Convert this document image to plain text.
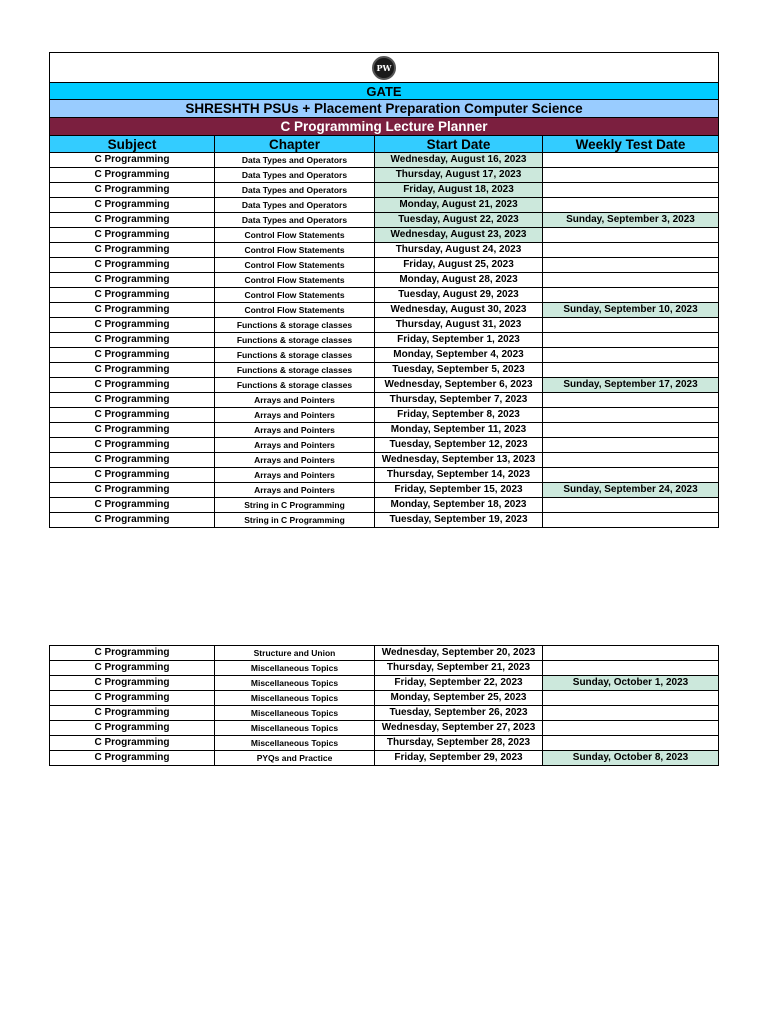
PW			
GATE			
SHRESHTH PSUs + Placement Preparation Computer Science			
C Programming Lecture Planner			
Subject	Chapter	Start Date	Weekly Test Date
C Programming	Data Types and Operators	Wednesday, August 16, 2023	
C Programming	Data Types and Operators	Thursday, August 17, 2023	
C Programming	Data Types and Operators	Friday, August 18, 2023	
C Programming	Data Types and Operators	Monday, August 21, 2023	
C Programming	Data Types and Operators	Tuesday, August 22, 2023	Sunday, September 3, 2023
C Programming	Control Flow Statements	Wednesday, August 23, 2023	
C Programming	Control Flow Statements	Thursday, August 24, 2023	
C Programming	Control Flow Statements	Friday, August 25, 2023	
C Programming	Control Flow Statements	Monday, August 28, 2023	
C Programming	Control Flow Statements	Tuesday, August 29, 2023	
C Programming	Control Flow Statements	Wednesday, August 30, 2023	Sunday, September 10, 2023
C Programming	Functions & storage classes	Thursday, August 31, 2023	
C Programming	Functions & storage classes	Friday, September 1, 2023	
C Programming	Functions & storage classes	Monday, September 4, 2023	
C Programming	Functions & storage classes	Tuesday, September 5, 2023	
C Programming	Functions & storage classes	Wednesday, September 6, 2023	Sunday, September 17, 2023
C Programming	Arrays and Pointers	Thursday, September 7, 2023	
C Programming	Arrays and Pointers	Friday, September 8, 2023	
C Programming	Arrays and Pointers	Monday, September 11, 2023	
C Programming	Arrays and Pointers	Tuesday, September 12, 2023	
C Programming	Arrays and Pointers	Wednesday, September 13, 2023	
C Programming	Arrays and Pointers	Thursday, September 14, 2023	
C Programming	Arrays and Pointers	Friday, September 15, 2023	Sunday, September 24, 2023
C Programming	String in C Programming	Monday, September 18, 2023	
C Programming	String in C Programming	Tuesday, September 19, 2023	
C Programming	Structure and Union	Wednesday, September 20, 2023	
C Programming	Miscellaneous Topics	Thursday, September 21, 2023	
C Programming	Miscellaneous Topics	Friday, September 22, 2023	Sunday, October 1, 2023
C Programming	Miscellaneous Topics	Monday, September 25, 2023	
C Programming	Miscellaneous Topics	Tuesday, September 26, 2023	
C Programming	Miscellaneous Topics	Wednesday, September 27, 2023	
C Programming	Miscellaneous Topics	Thursday, September 28, 2023	
C Programming	PYQs and Practice	Friday, September 29, 2023	Sunday, October 8, 2023
